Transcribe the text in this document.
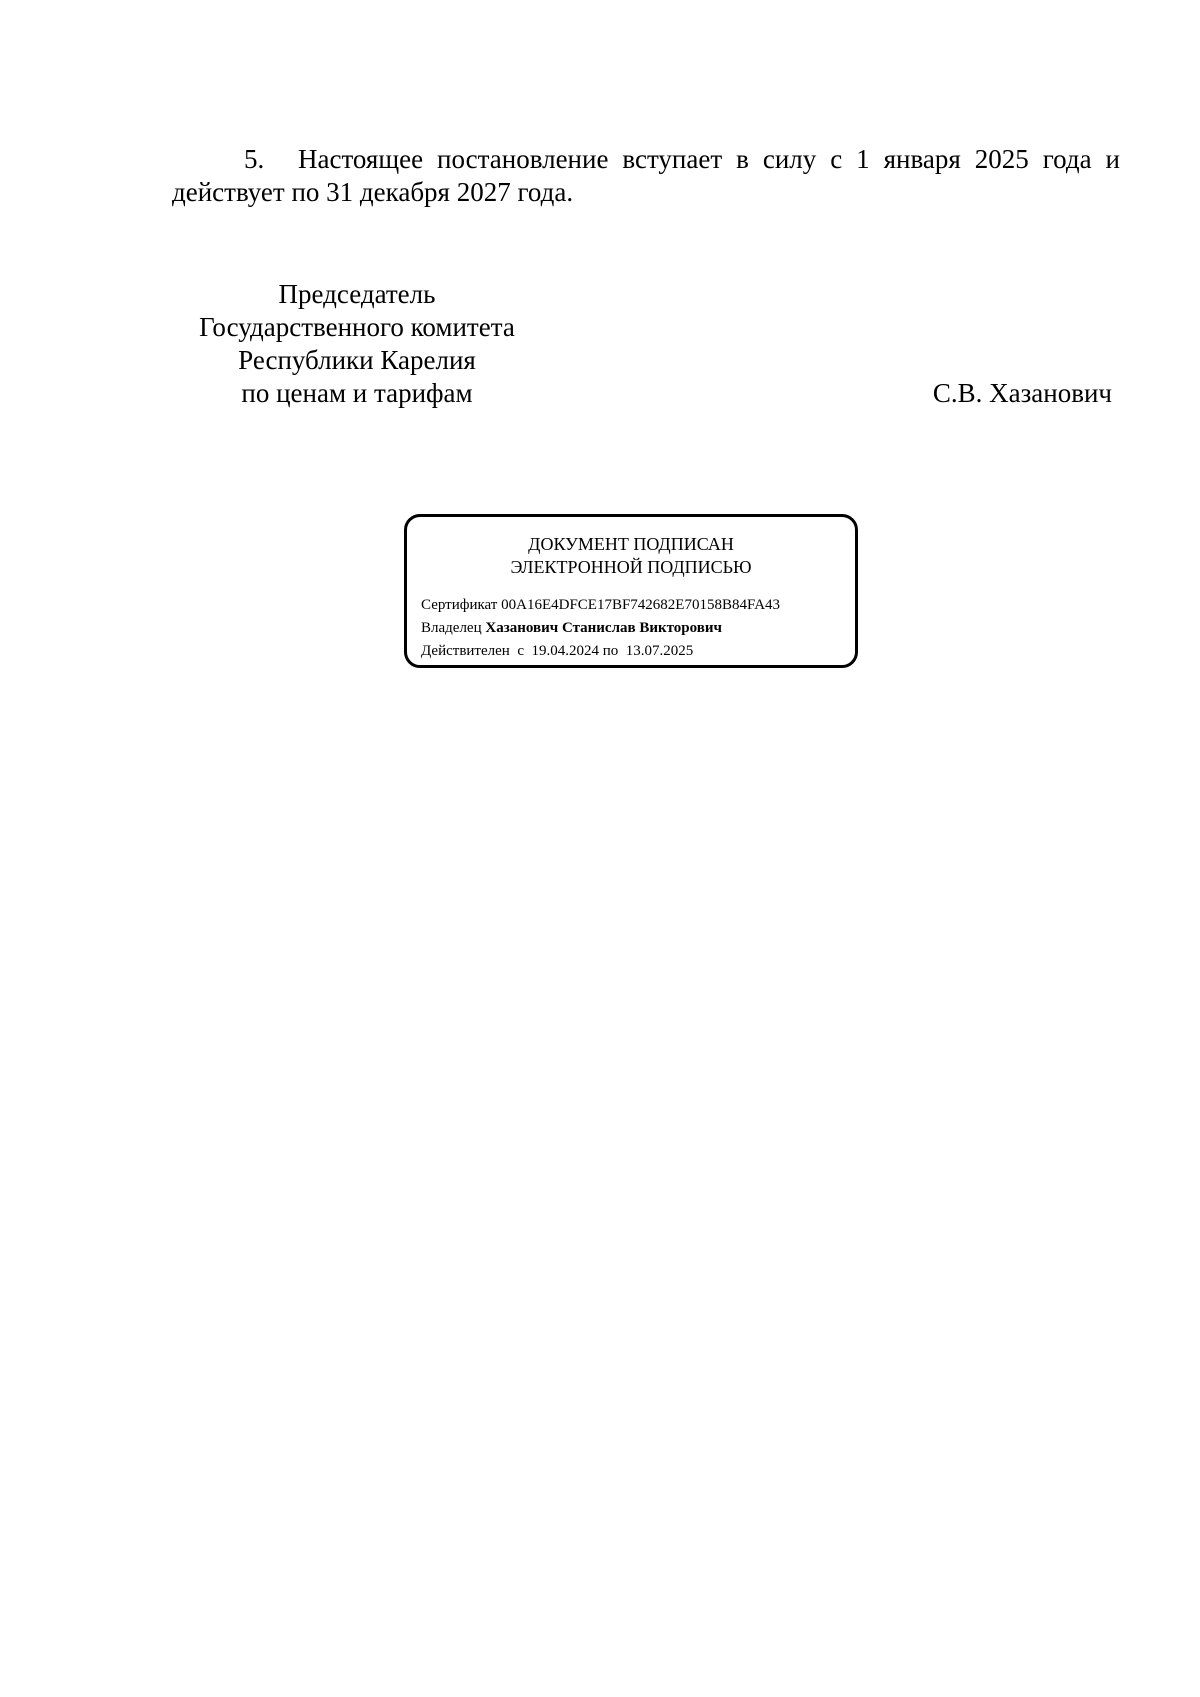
5. Настоящее постановление вступает в силу с 1 января 2025 года и действует по 31 декабря 2027 года.
Председатель
Государственного комитета
Республики Карелия
по ценам и тарифам	С.В. Хазанович
ДОКУМЕНТ ПОДПИСАН
ЭЛЕКТРОННОЙ ПОДПИСЬЮ
Сертификат 00A16E4DFCE17BF742682E70158B84FA43
Владелец Хазанович Станислав Викторович
Действителен с 19.04.2024 по 13.07.2025
